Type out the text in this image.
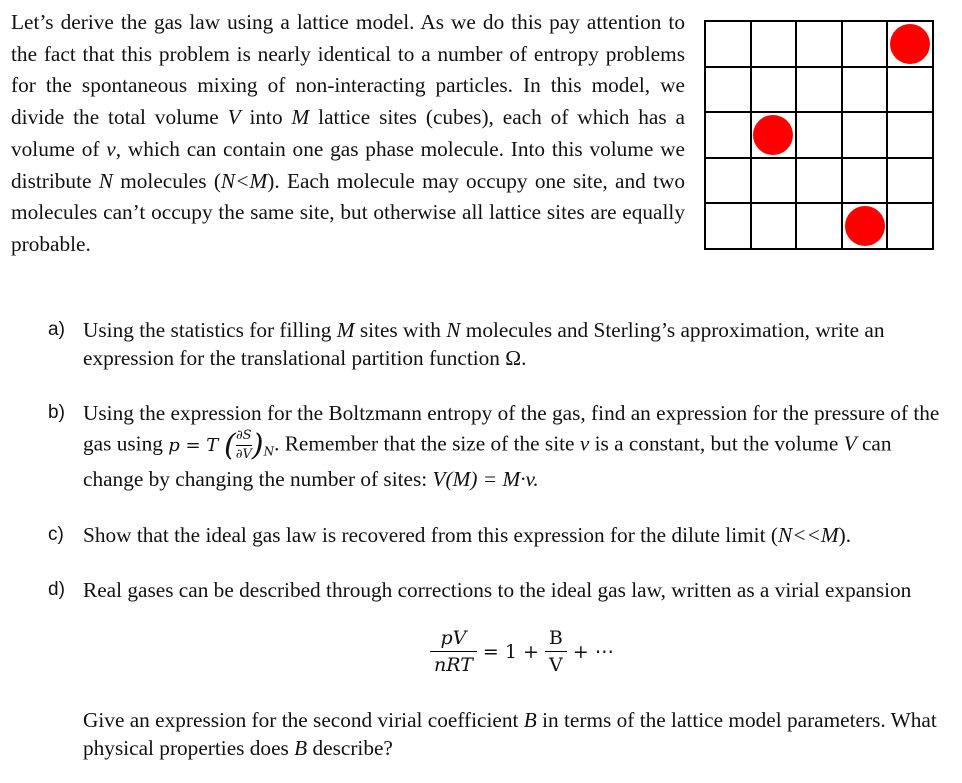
Let’s derive the gas law using a lattice model. As we do this pay attention to the fact that this problem is nearly identical to a number of entropy problems for the spontaneous mixing of non-interacting particles. In this model, we divide the total volume V into M lattice sites (cubes), each of which has a volume of v, which can contain one gas phase molecule. Into this volume we distribute N molecules (N<M). Each molecule may occupy one site, and two molecules can’t occupy the same site, but otherwise all lattice sites are equally probable.
a) Using the statistics for filling M sites with N molecules and Sterling’s approximation, write an expression for the translational partition function Ω.
b) Using the expression for the Boltzmann entropy of the gas, find an expression for the pressure of the gas using p = T ( $\frac{\partial S}{\partial V} )_N$. Remember that the size of the site v is a constant, but the volume V can change by changing the number of sites: V(M) = M·v.
c) Show that the ideal gas law is recovered from this expression for the dilute limit (N<<M).
d) Real gases can be described through corrections to the ideal gas law, written as a virial expansion
$\frac{pV}{\text{nRT}} = 1 + \frac{B}{V}$ + ⋯
Give an expression for the second virial coefficient B in terms of the lattice model parameters. What physical properties does B describe?
